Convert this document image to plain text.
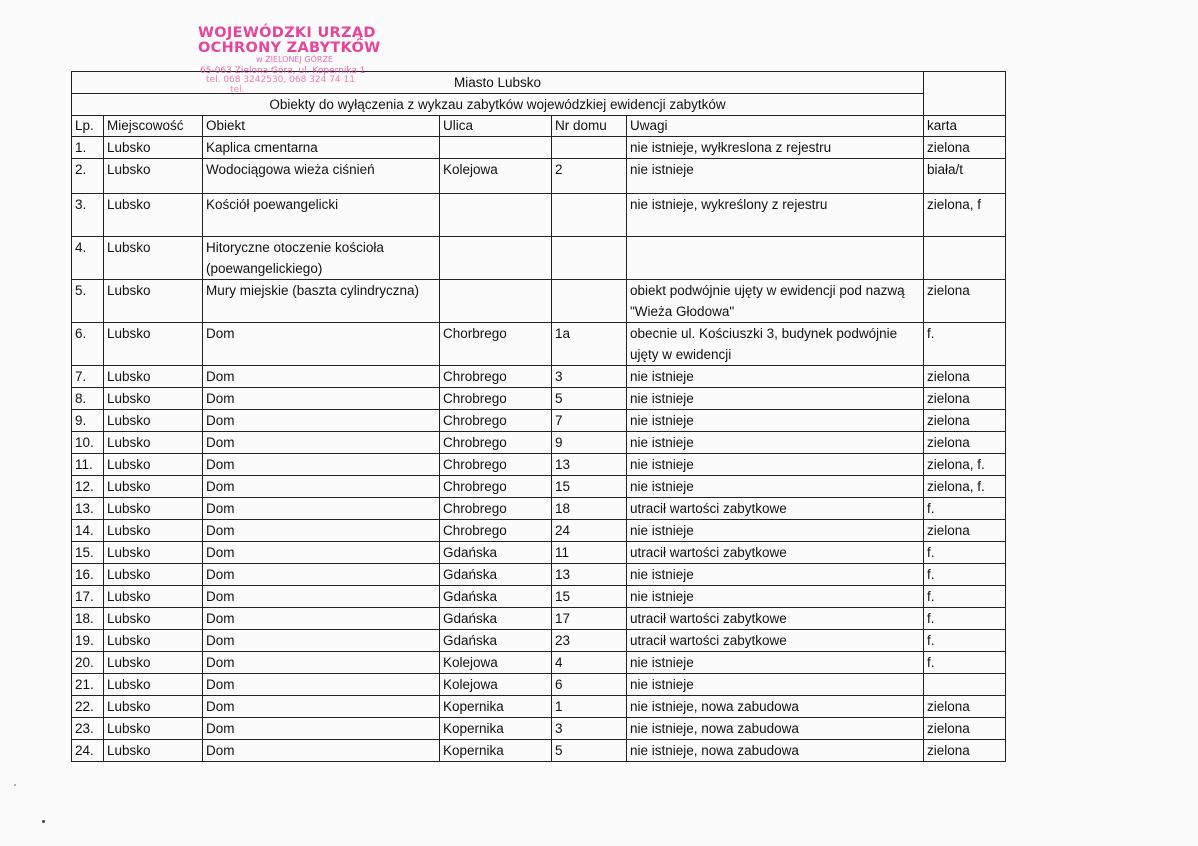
WOJEWÓDZKI URZĄD
OCHRONY ZABYTKÓW
w ZIELONEJ GÓRZE
65-063 Zielona Góra, ul. Kopernika 1
tel. 068 3242530, 068 324 74 11
tel.	Miasto Lubsko						
Obiekty do wyłączenia z wykzau zabytków wojewódzkiej ewidencji zabytków						
Lp.	Miejscowość	Obiekt	Ulica	Nr domu	Uwagi	karta
1.	Lubsko	Kaplica cmentarna			nie istnieje, wyłkreslona z rejestru	zielona
2.	Lubsko	Wodociągowa wieża ciśnień	Kolejowa	2	nie istnieje	biała/t
3.	Lubsko	Kościół poewangelicki			nie istnieje, wykreślony z rejestru	zielona, f
4.	Lubsko	Hitoryczne otoczenie kościoła (poewangelickiego)				
5.	Lubsko	Mury miejskie (baszta cylindryczna)			obiekt podwójnie ujęty w ewidencji pod nazwą "Wieża Głodowa"	zielona
6.	Lubsko	Dom	Chorbrego	1a	obecnie ul. Kościuszki 3, budynek podwójnie ujęty w ewidencji	f.
7.	Lubsko	Dom	Chrobrego	3	nie istnieje	zielona
8.	Lubsko	Dom	Chrobrego	5	nie istnieje	zielona
9.	Lubsko	Dom	Chrobrego	7	nie istnieje	zielona
10.	Lubsko	Dom	Chrobrego	9	nie istnieje	zielona
11.	Lubsko	Dom	Chrobrego	13	nie istnieje	zielona, f.
12.	Lubsko	Dom	Chrobrego	15	nie istnieje	zielona, f.
13.	Lubsko	Dom	Chrobrego	18	utracił wartości zabytkowe	f.
14.	Lubsko	Dom	Chrobrego	24	nie istnieje	zielona
15.	Lubsko	Dom	Gdańska	11	utracił wartości zabytkowe	f.
16.	Lubsko	Dom	Gdańska	13	nie istnieje	f.
17.	Lubsko	Dom	Gdańska	15	nie istnieje	f.
18.	Lubsko	Dom	Gdańska	17	utracił wartości zabytkowe	f.
19.	Lubsko	Dom	Gdańska	23	utracił wartości zabytkowe	f.
20.	Lubsko	Dom	Kolejowa	4	nie istnieje	f.
21.	Lubsko	Dom	Kolejowa	6	nie istnieje	
22.	Lubsko	Dom	Kopernika	1	nie istnieje, nowa zabudowa	zielona
23.	Lubsko	Dom	Kopernika	3	nie istnieje, nowa zabudowa	zielona
24.	Lubsko	Dom	Kopernika	5	nie istnieje, nowa zabudowa	zielona
